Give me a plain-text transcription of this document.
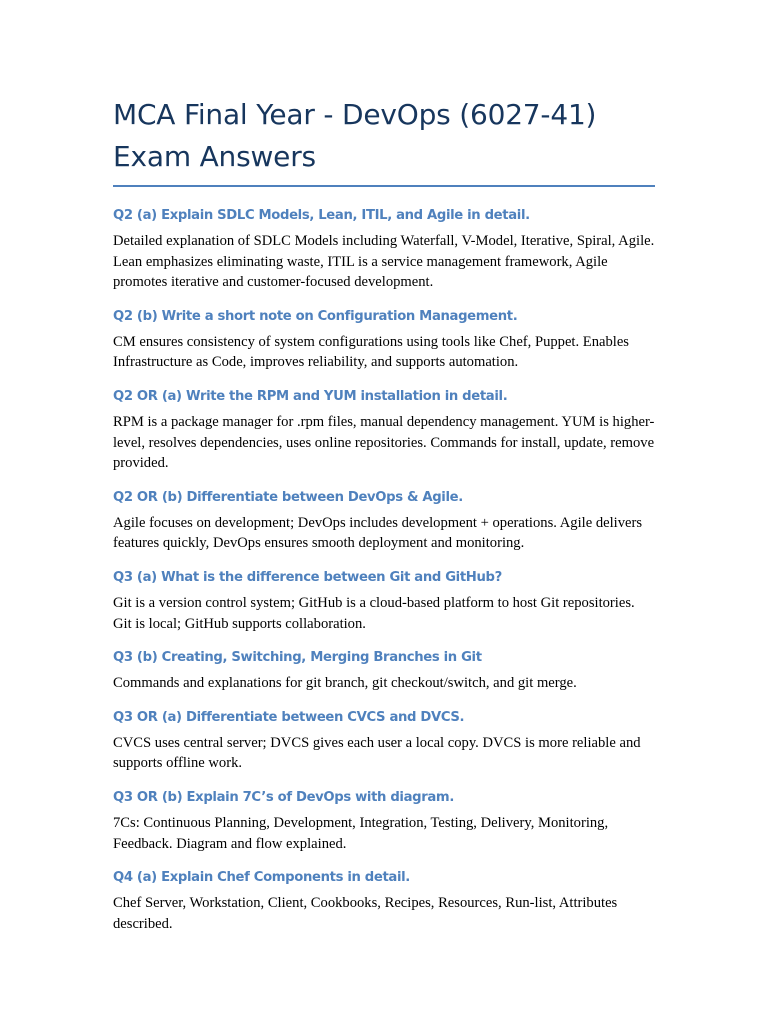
MCA Final Year - DevOps (6027-41) Exam Answers
Q2 (a) Explain SDLC Models, Lean, ITIL, and Agile in detail.

Detailed explanation of SDLC Models including Waterfall, V-Model, Iterative, Spiral, Agile. Lean emphasizes eliminating waste, ITIL is a service management framework, Agile promotes iterative and customer-focused development.

Q2 (b) Write a short note on Configuration Management.

CM ensures consistency of system configurations using tools like Chef, Puppet. Enables Infrastructure as Code, improves reliability, and supports automation.

Q2 OR (a) Write the RPM and YUM installation in detail.

RPM is a package manager for .rpm files, manual dependency management. YUM is higher-level, resolves dependencies, uses online repositories. Commands for install, update, remove provided.

Q2 OR (b) Differentiate between DevOps & Agile.

Agile focuses on development; DevOps includes development + operations. Agile delivers features quickly, DevOps ensures smooth deployment and monitoring.

Q3 (a) What is the difference between Git and GitHub?

Git is a version control system; GitHub is a cloud-based platform to host Git repositories. Git is local; GitHub supports collaboration.

Q3 (b) Creating, Switching, Merging Branches in Git

Commands and explanations for git branch, git checkout/switch, and git merge.

Q3 OR (a) Differentiate between CVCS and DVCS.

CVCS uses central server; DVCS gives each user a local copy. DVCS is more reliable and supports offline work.

Q3 OR (b) Explain 7C’s of DevOps with diagram.

7Cs: Continuous Planning, Development, Integration, Testing, Delivery, Monitoring, Feedback. Diagram and flow explained.

Q4 (a) Explain Chef Components in detail.

Chef Server, Workstation, Client, Cookbooks, Recipes, Resources, Run-list, Attributes described.
